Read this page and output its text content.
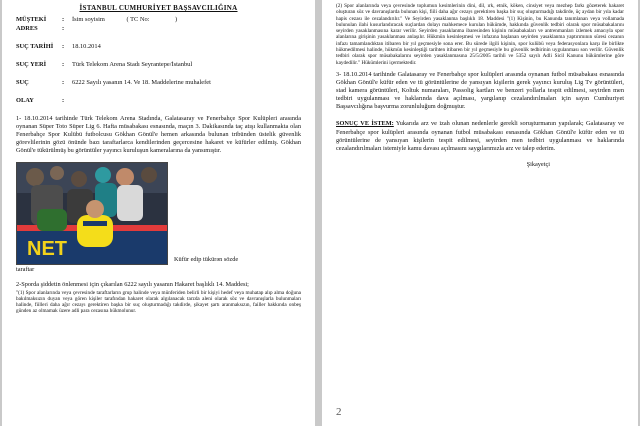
İSTANBUL CUMHURİYET BAŞSAVCILIĞINA
MÜŞTEKİ	:	İsim soyisim	( TC No:	)
ADRES	:
SUÇ TARİHİ	:	18.10.2014
SUÇ YERİ	:	Türk Telekom Arena Stadı Seyrantepe/İstanbul
SUÇ	:	6222 Sayılı yasanın 14. Ve 18. Maddelerine muhalefet
OLAY	:

1- 18.10.2014 tarihinde Türk Telekom Arena Stadında, Galatasaray ve Fenerbahçe Spor Kulüpleri arasında oynanan Süper Toto Süper Lig 6. Hafta müsabakası esnasında, maçın 3. Dakikasında taç atışı kullanmakta olan Fenerbahçe Spor Kulübü futbolcusu Gökhan Gönül'e hemen arkasında bulunan tribünden üstelik güvenlik görevlilerinin gözü önünde bazı taraftarlarca kendilerinden geçercesine hakaret ve küfürler edilmiş. Gökhan Gönül'e tükürülmüş bu görüntüler yayıncı kuruluşun kameralarına da yansımıştır.

NET	Küfür edip tükürən sözde
taraftar

2-Sporda şiddetin önlenmesi için çıkarılan 6222 sayılı yasanın Hakaret başlıklı 14. Maddesi;

"(1) Spor alanlarında veya çevresinde taraftarların grup halinde veya münferiden belirli bir kişiyi hedef veya muhatap alıp alma doğuna bakılmaksızın duyan veya gören kişiler tarafından hakaret olarak algılanacak tarzda aleni olarak söz ve davranışlarla bulunmaları halinde, fiilleri daha ağır cezayı gerektiren başka bir suç oluşturmadığı takdirde, şikayet şartı aranmaksızın, failler hakkında onbeş günden az olmamak üzere adli para cezasına hükmolunur.

(2) Spor alanlarında veya çevresinde toplumun kesimlerinin dini, dil, ırk, etnik, köken, cinsiyet veya mezhep farkı gözeterek hakaret oluşturan söz ve davranışlarda bulunan kişi, fiili daha ağır cezayı gerektiren başka bir suç oluşturmadığı takdirde, üç aydan bir yıla kadar hapis cezası ile cezalandırılır." Ve Seyirden yasaklanma başlıklı 18. Maddesi "(1) Kişinin, bu Kanunda tanımlanan veya vollamada bulunulan ilahi kusurlandıracak suçlardan dolayı mahkemece kurulan hükümde, hakkında güvenlik tedbiri olarak spor müsabakalarını seyirden yasaklanmasına karar verilir. Seyirden yasaklanma ibaresinden kişinin müsabakaları ve antrenmanları izlemek amacıyla spor alanlarına girişinin yasaklanması anlaşılır. Hükmün kesinleşmesi ve infazına başlanan seyirden yasaklanma yaptırımının süresi cezanın infazı tamamlandıktan itibaren bir yıl geçmesiyle sona erer. Bu sürede ilgili kişinin, spor kulübü veya federasyonlara karşı ile birlikte hükmedilmesi halinde, hükmün kesinleştiği tarihten itibaren bir yıl geçmesiyle bu güvenlik tedbirinin uygulanması son verilir. Güvenlik tedbiri olarak spor müsabakalarını seyirden yasaklanmasına 25/5/2005 tarihli ve 5352 sayılı Adli Sicil Kanunu hükümlerine göre kaydedilir." Hükümlerini içermektedir.

3- 18.10.2014 tarihinde Galatasaray ve Fenerbahçe spor kulüpleri arasında oynanan futbol müsabakası esnasında Gökhan Gönül'e küfür eden ve tü görüntülerine de yansıyan kişilerin gerek yayıncı kuruluş Lig Tv görüntüleri, stad kamera görüntüleri, Koltuk numaraları, Passolig kartları ve benzeri yollarla tespit edilmesi, seyirden men tedbiri uygulanması ve haklarında dava açılması, yargılanıp cezalandırılmaları için sayın Cumhuriyet Başsavcılığına başvurma zorunluluğum doğmuştur.

SONUÇ VE İSTEM: Yukarıda arz ve izah olunan nedenlerle gerekli soruşturmanın yapılarak; Galatasaray ve Fenerbahçe spor kulüpleri arasında oynanan futbol müsabakası esnasında Gökhan Gönül'e küfür eden ve tü görüntülerine de yansıyan kişilerin tespit edilmesi, seyirden men tedbiri uygulanması ve haklarında cezalandırılmaları istemiyle kamu davası açılmasını saygılarımızla arz ve talep ederim.

Şikayetçi
2
